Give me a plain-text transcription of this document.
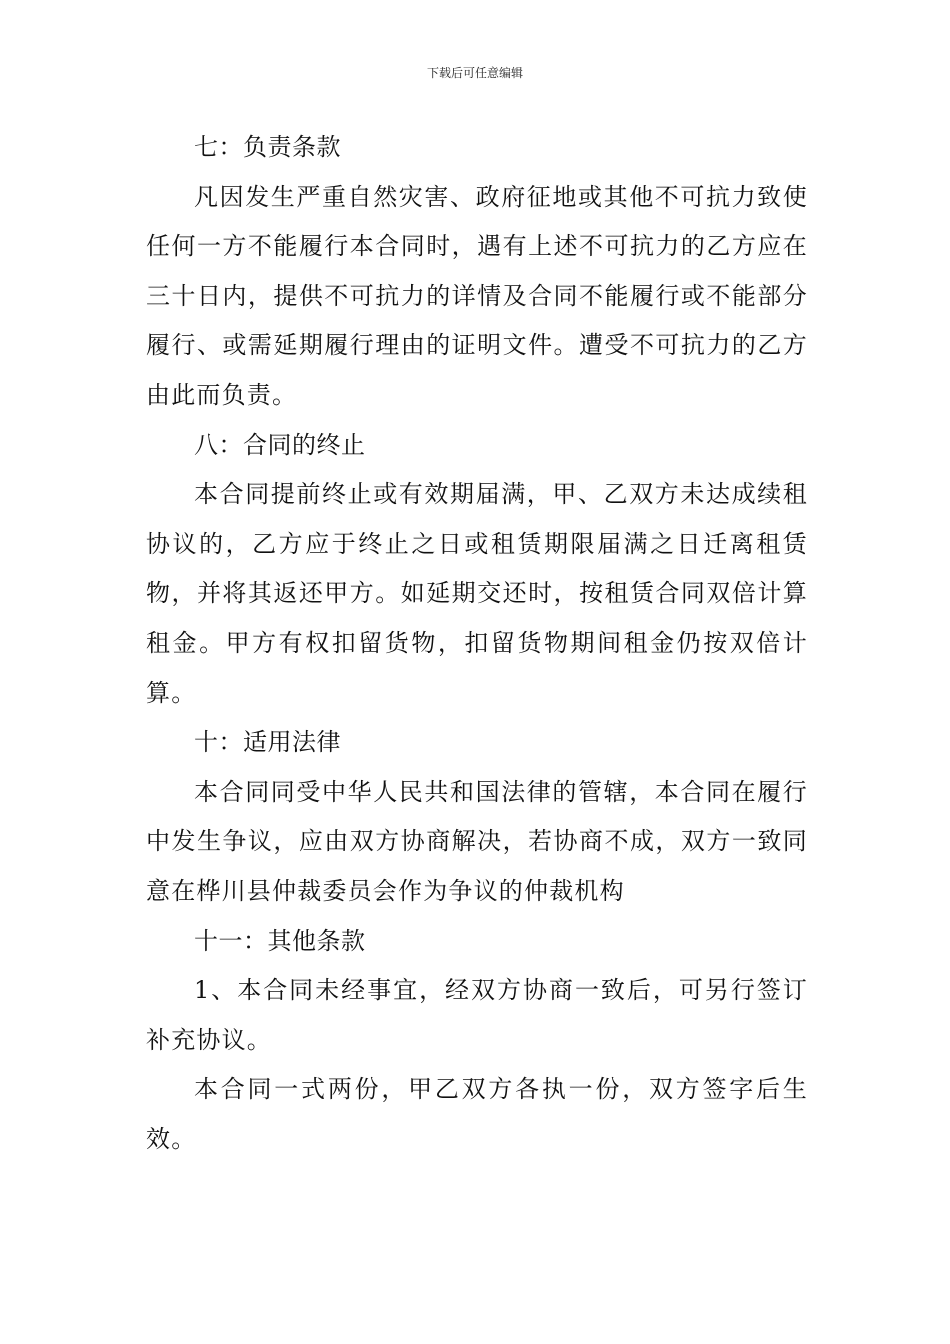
下载后可任意编辑

七：负责条款

凡因发生严重自然灾害、政府征地或其他不可抗力致使任何一方不能履行本合同时，遇有上述不可抗力的乙方应在三十日内，提供不可抗力的详情及合同不能履行或不能部分履行、或需延期履行理由的证明文件。遭受不可抗力的乙方由此而负责。

八：合同的终止

本合同提前终止或有效期届满，甲、乙双方未达成续租协议的，乙方应于终止之日或租赁期限届满之日迁离租赁物，并将其返还甲方。如延期交还时，按租赁合同双倍计算租金。甲方有权扣留货物，扣留货物期间租金仍按双倍计算。

十：适用法律

本合同同受中华人民共和国法律的管辖，本合同在履行中发生争议，应由双方协商解决，若协商不成，双方一致同意在桦川县仲裁委员会作为争议的仲裁机构

十一：其他条款

1、本合同未经事宜，经双方协商一致后，可另行签订补充协议。

本合同一式两份，甲乙双方各执一份，双方签字后生效。
